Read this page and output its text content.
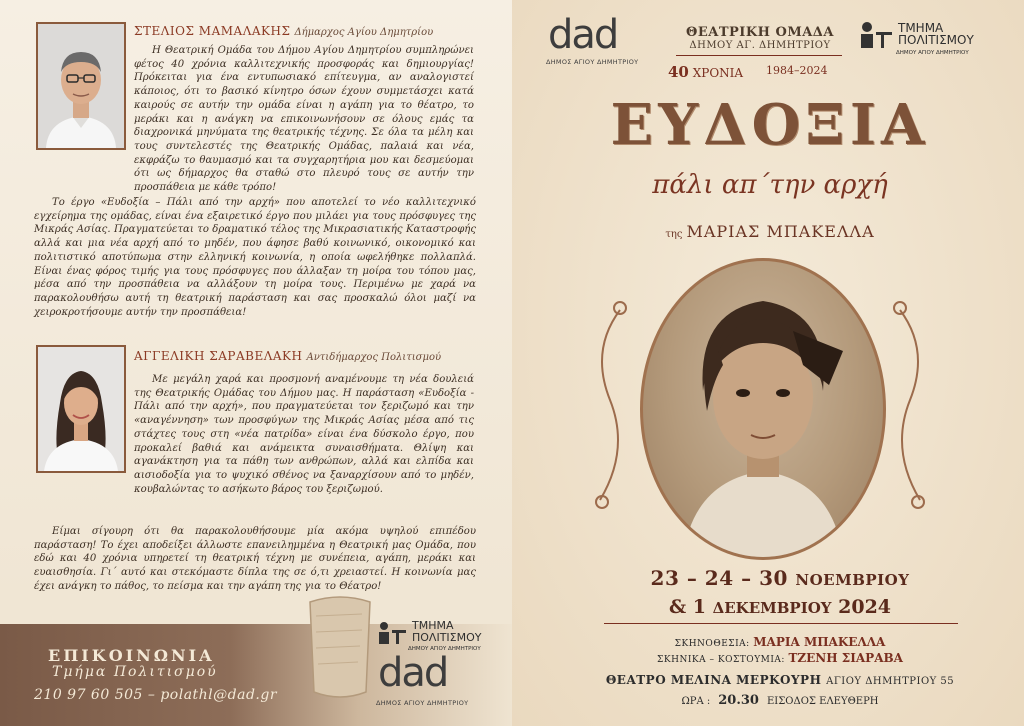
ΣΤΕΛΙΟΣ ΜΑΜΑΛΑΚΗΣ Δήμαρχος Αγίου Δημητρίου

Η Θεατρική Ομάδα του Δήμου Αγίου Δημητρίου συμπληρώνει φέτος 40 χρόνια καλλιτεχνικής προσφοράς και δημιουργίας! Πρόκειται για ένα εντυπωσιακό επίτευγμα, αν αναλογιστεί κάποιος, ότι το βασικό κίνητρο όσων έχουν συμμετάσχει κατά καιρούς σε αυτήν την ομάδα είναι η αγάπη για το θέατρο, το μεράκι και η ανάγκη να επικοινωνήσουν σε όλους εμάς τα διαχρονικά μηνύματα της θεατρικής τέχνης. Σε όλα τα μέλη και τους συντελεστές της Θεατρικής Ομάδας, παλαιά και νέα, εκφράζω το θαυμασμό και τα συγχαρητήρια μου και δεσμεύομαι ότι ως δήμαρχος θα σταθώ στο πλευρό τους σε αυτήν την προσπάθεια με κάθε τρόπο!

Το έργο «Ευδοξία – Πάλι από την αρχή» που αποτελεί το νέο καλλιτεχνικό εγχείρημα της ομάδας, είναι ένα εξαιρετικό έργο που μιλάει για τους πρόσφυγες της Μικράς Ασίας. Πραγματεύεται το δραματικό τέλος της Μικρασιατικής Καταστροφής αλλά και μια νέα αρχή από το μηδέν, που άφησε βαθύ κοινωνικό, οικονομικό και πολιτιστικό αποτύπωμα στην ελληνική κοινωνία, η οποία ωφελήθηκε πολλαπλά. Είναι ένας φόρος τιμής για τους πρόσφυγες που άλλαξαν τη μοίρα του τόπου μας, μέσα από την προσπάθεια να αλλάξουν τη μοίρα τους. Περιμένω με χαρά να παρακολουθήσω αυτή τη θεατρική παράσταση και σας προσκαλώ όλοι μαζί να χειροκροτήσουμε αυτήν την προσπάθεια!

ΑΓΓΕΛΙΚΗ ΣΑΡΑΒΕΛΑΚΗ Αντιδήμαρχος Πολιτισμού

Με μεγάλη χαρά και προσμονή αναμένουμε τη νέα δουλειά της Θεατρικής Ομάδας του Δήμου μας. Η παράσταση «Ευδοξία - Πάλι από την αρχή», που πραγματεύεται τον ξεριζωμό και την «αναγέννηση» των προσφύγων της Μικράς Ασίας μέσα από τις στάχτες τους στη «νέα πατρίδα» είναι ένα δύσκολο έργο, που προκαλεί βαθιά και ανάμεικτα συναισθήματα. Θλίψη και αγανάκτηση για τα πάθη των ανθρώπων, αλλά και ελπίδα και αισιοδοξία για το ψυχικό σθένος να ξαναρχίσουν από το μηδέν, κουβαλώντας το ασήκωτο βάρος του ξεριζωμού.

Είμαι σίγουρη ότι θα παρακολουθήσουμε μία ακόμα υψηλού επιπέδου παράσταση! Το έχει αποδείξει άλλωστε επανειλημμένα η Θεατρική μας Ομάδα, που εδώ και 40 χρόνια υπηρετεί τη θεατρική τέχνη με συνέπεια, αγάπη, μεράκι και ευαισθησία. Γι΄ αυτό και στεκόμαστε δίπλα της σε ό,τι χρειαστεί. Η κοινωνία μας έχει ανάγκη το πάθος, το πείσμα και την αγάπη της για το Θέατρο!

ΕΠΙΚΟΙΝΩΝΙΑ
Τμήμα Πολιτισμού
210 97 60 505 – polathl@dad.gr
ΤΜΗΜΑ
ΠΟΛΙΤΙΣΜΟΥ
ΔΗΜΟΥ ΑΓΙΟΥ ΔΗΜΗΤΡΙΟΥ
dad
ΔΗΜΟΣ ΑΓΙΟΥ ΔΗΜΗΤΡΙΟΥ
dad
ΔΗΜΟΣ ΑΓΙΟΥ ΔΗΜΗΤΡΙΟΥ
ΘΕΑΤΡΙΚΗ ΟΜΑΔΑ
ΔΗΜΟΥ ΑΓ. ΔΗΜΗΤΡΙΟΥ
40 ΧΡΟΝΙΑ 1984–2024
ΤΜΗΜΑ
ΠΟΛΙΤΙΣΜΟΥ
ΔΗΜΟΥ ΑΓΙΟΥ ΔΗΜΗΤΡΙΟΥ
ΕΥΔΟΞΙΑ
πάλι απ΄την αρχή
της ΜΑΡΙΑΣ ΜΠΑΚΕΛΛΑ
23 – 24 – 30 ΝΟΕΜΒΡΙΟΥ
& 1 ΔΕΚΕΜΒΡΙΟΥ 2024
ΣΚΗΝΟΘΕΣΙΑ: ΜΑΡΙΑ ΜΠΑΚΕΛΛΑ
ΣΚΗΝΙΚΑ – ΚΟΣΤΟΥΜΙΑ: ΤΖΕΝΗ ΣΙΑΡΑΒΑ
ΘΕΑΤΡΟ ΜΕΛΙΝΑ ΜΕΡΚΟΥΡΗ ΑΓΙΟΥ ΔΗΜΗΤΡΙΟΥ 55
ΩΡΑ : 20.30 ΕΙΣΟΔΟΣ ΕΛΕΥΘΕΡΗ
